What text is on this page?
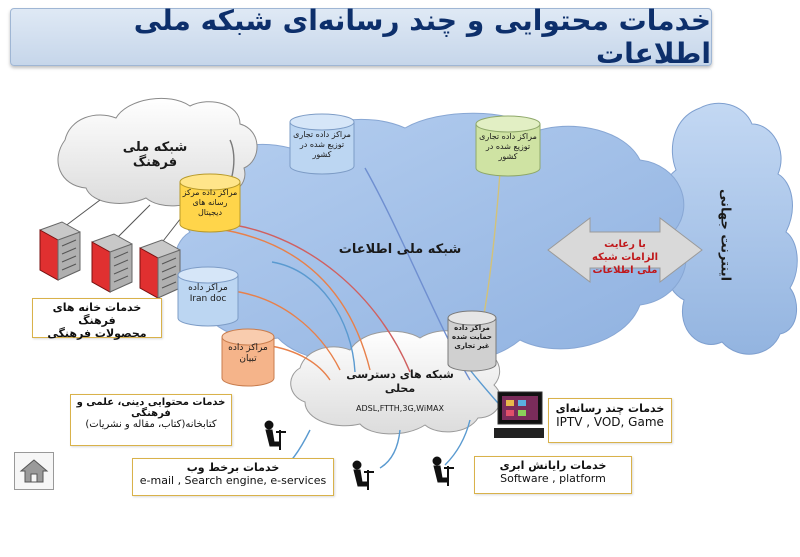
خدمات محتوایی و چند رسانه‌ای شبکه ملی اطلاعات
شبکه ملی فرهنگ
شبکه ملی اطلاعات	اینترنت جهانی
شبکه های دسترسی محلی
ADSL,FTTH,3G,WiMAX
با رعایت الزامات شبکه ملی اطلاعات
مراکز داده مرکز رسانه های دیجیتال
مراکز داده Iran doc
مراکز داده تبیان
مراکز داده تجاری توزیع شده در کشور
مراکز داده تجاری توزیع شده در کشور
مراکز داده حمایت شده غیر تجاری
خدمات خانه های فرهنگ
محصولات فرهنگی
خدمات محتوایی دینی، علمی و فرهنگی
کتابخانه(کتاب، مقاله و نشریات)
خدمات برخط وب
e-mail , Search engine, e-services
خدمات رایانش ابری
Software , platform
خدمات چند رسانه‌ای
IPTV , VOD, Game
